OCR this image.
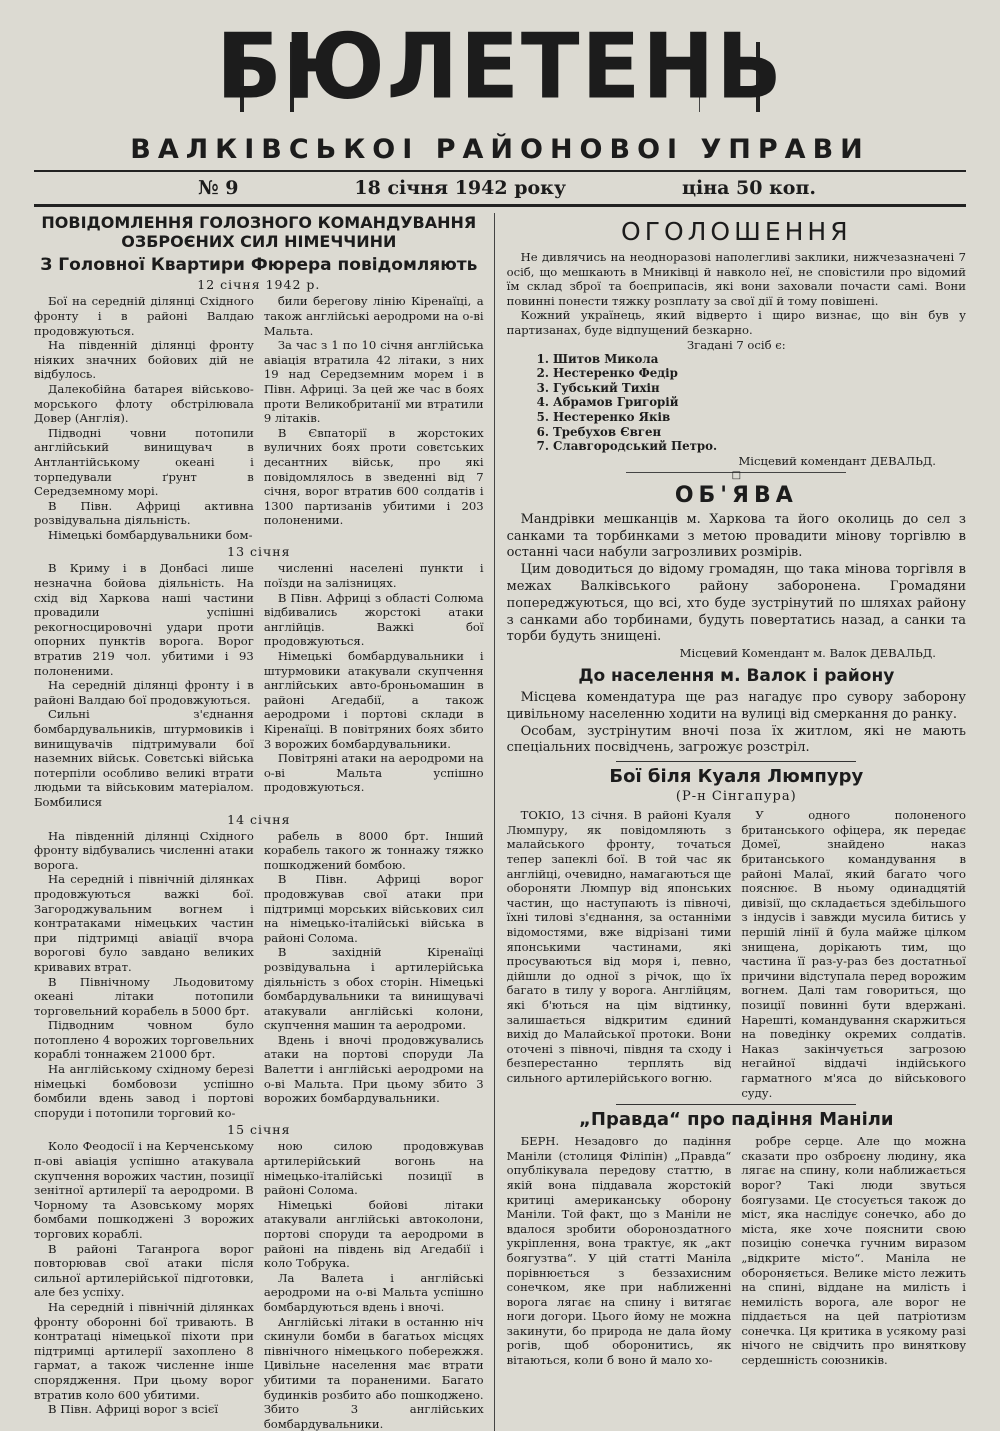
БЮЛЕТЕНЬ
ВАЛКІВСЬКОІ РАЙОНОВОІ УПРАВИ
№ 9	18 січня 1942 року	ціна 50 коп.
ПОВІДОМЛЕННЯ ГОЛОЗНОГО КОМАНДУВАННЯ ОЗБРОЄНИХ СИЛ НІМЕЧЧИНИ
З Головної Квартири Фюрера повідомляють
12 січня 1942 р.

Бої на середній ділянці Східного фронту і в районі Валдаю продовжуються.

На південній ділянці фронту ніяких значних бойових дій не відбулось.

Далекобійна батарея військово-морського флоту обстрілювала Довер (Англія).

Підводні човни потопили англійський винищувач в Антлантійському океані і торпедували ґрунт в Середземному морі.

В Півн. Африці активна розвідувальна діяльність.

Німецькі бомбардувальники бом-

били берегову лінію Кіренаїці, а також англійські аеродроми на о-ві Мальта.

За час з 1 по 10 січня англійська авіація втратила 42 літаки, з них 19 над Середземним морем і в Півн. Африці. За цей же час в боях проти Великобританії ми втратили 9 літаків.

В Євпаторії в жорстоких вуличних боях проти совєтських десантних військ, про які повідомлялось в зведенні від 7 січня, ворог втратив 600 солдатів і 1300 партизанів убитими і 203 полоненими.

13 січня

В Криму і в Донбасі лише незначна бойова діяльність. На схід від Харкова наші частини провадили успішні рекогносцировочні удари проти опорних пунктів ворога. Ворог втратив 219 чол. убитими і 93 полоненими.

На середній ділянці фронту і в районі Валдаю бої продовжуються.

Сильні з'єднання бомбардувальників, штурмовиків і винищувачів підтримували бої наземних військ. Совєтські війська потерпіли особливо великі втрати людьми та військовим матеріалом. Бомбилися

численні населені пункти і поїзди на залізницях.

В Півн. Африці з області Солюма відбивались жорстокі атаки англійців. Важкі бої продовжуються.

Німецькі бомбардувальники і штурмовики атакували скупчення англійських авто-броньомашин в районі Агедабії, а також аеродроми і портові склади в Кіренаїці. В повітряних боях збито 3 ворожих бомбардувальники.

Повітряні атаки на аеродроми на о-ві Мальта успішно продовжуються.

14 січня

На південній ділянці Східного фронту відбувались численні атаки ворога.

На середній і північній ділянках продовжуються важкі бої. Загороджувальним вогнем і контратаками німецьких частин при підтримці авіації вчора ворогові було завдано великих кривавих втрат.

В Північному Льодовитому океані літаки потопили торговельний корабель в 5000 брт.

Підводним човном було потоплено 4 ворожих торговельних кораблі тоннажем 21000 брт.

На англійському східному березі німецькі бомбовози успішно бомбили вдень завод і портові споруди і потопили торговий ко-

рабель в 8000 брт. Інший корабель такого ж тоннажу тяжко пошкоджений бомбою.

В Півн. Африці ворог продовжував свої атаки при підтримці морських військових сил на німецько-італійські війська в районі Солома.

В західній Кіренаїці розвідувальна і артилерійська діяльність з обох сторін. Німецькі бомбардувальники та винищувачі атакували англійські колони, скупчення машин та аеродроми.

Вдень і вночі продовжувались атаки на портові споруди Ла Валетти і англійські аеродроми на о-ві Мальта. При цьому збито 3 ворожих бомбардувальники.

15 січня

Коло Феодосії і на Керченському п-ові авіація успішно атакувала скупчення ворожих частин, позиції зенітної артилерії та аеродроми. В Чорному та Азовському морях бомбами пошкоджені 3 ворожих торгових кораблі.

В районі Таганрога ворог повторював свої атаки після сильної артилерійської підготовки, але без успіху.

На середній і північній ділянках фронту оборонні бої тривають. В контратаці німецької піхоти при підтримці артилерії захоплено 8 гармат, а також численне інше спорядження. При цьому ворог втратив коло 600 убитими.

В Півн. Африці ворог з всієї

ною силою продовжував артилерійський вогонь на німецько-італійські позиції в районі Солома.

Німецькі бойові літаки атакували англійські автоколони, портові споруди та аеродроми в районі на південь від Агедабії і коло Тобрука.

Ла Валета і англійські аеродроми на о-ві Мальта успішно бомбардуються вдень і вночі.

Англійські літаки в останню ніч скинули бомби в багатьох місцях північного німецького побережжя. Цивільне населення має втрати убитими та пораненими. Багато будинків розбито або пошкоджено. Збито 3 англійських бомбардувальники.

ОГОЛОШЕННЯ

Не дивлячись на неодноразові наполегливі заклики, нижчезазначені 7 осіб, що мешкають в Мниківці й навколо неї, не сповістили про відомий їм склад зброї та боєприпасів, які вони заховали почасти самі. Вони повинні понести тяжку розплату за свої дії й тому повішені.

Кожний українець, який відверто і щиро визнає, що він був у партизанах, буде відпущений безкарно.

Згадані 7 осіб є:
1. Шитов Микола
2. Нестеренко Федір
3. Губський Тихін
4. Абрамов Григорій
5. Нестеренко Яків
6. Требухов Євген
7. Славгородський Петро.
Місцевий комендант ДЕВАЛЬД.
□
ОБ'ЯВА

Мандрівки мешканців м. Харкова та його околиць до сел з санками та торбинками з метою провадити мінову торгівлю в останні часи набули загрозливих розмірів.

Цим доводиться до відому громадян, що така мінова торгівля в межах Валківського району заборонена. Громадяни попереджуються, що всі, хто буде зустрінутий по шляхах району з санками або торбинами, будуть повертатись назад, а санки та торби будуть знищені.

Місцевий Комендант м. Валок ДЕВАЛЬД.
До населення м. Валок і району

Місцева комендатура ще раз нагадує про сувору заборону цивільному населенню ходити на вулиці від смеркання до ранку.

Особам, зустрінутим вночі поза їх житлом, які не мають спеціальних посвідчень, загрожує розстріл.

Бої біля Куаля Люмпуру
(Р-н Сінгапура)

ТОКІО, 13 січня. В районі Куаля Люмпуру, як повідомляють з малайського фронту, точаться тепер запеклі бої. В той час як англійці, очевидно, намагаються ще обороняти Люмпур від японських частин, що наступають із півночі, їхні тилові з'єднання, за останніми відомостями, вже відрізані тими японськими частинами, які просуваються від моря і, певно, дійшли до одної з річок, що їх багато в тилу у ворога. Англійцям, які б'ються на цім відтинку, залишається відкритим єдиний вихід до Малайської протоки. Вони оточені з півночі, півдня та сходу і безперестанно терплять від сильного артилерійського вогню.

У одного полоненого британського офіцера, як передає Домеї, знайдено наказ британського командування в районі Малаї, який багато чого пояснює. В ньому одинадцятій дивізії, що складається здебільшого з індусів і завжди мусила битись у першій лінії й була майже цілком знищена, дорікають тим, що частина її раз-у-раз без достатньої причини відступала перед ворожим вогнем. Далі там говориться, що позиції повинні бути вдержані. Нарешті, командування скаржиться на поведінку окремих солдатів. Наказ закінчується загрозою негайної віддачі індійського гарматного м'яса до військового суду.

„Правда“ про падіння Маніли

БЕРН. Незадовго до падіння Маніли (столиця Філіпін) „Правда“ опублікувала передову статтю, в якій вона піддавала жорстокій критиці американську оборону Маніли. Той факт, що з Маніли не вдалося зробити обороноздатного укріплення, вона трактує, як „акт боягузтва“. У цій статті Маніла порівнюється з беззахисним сонечком, яке при наближенні ворога лягає на спину і витягає ноги догори. Цього йому не можна закинути, бо природа не дала йому рогів, щоб оборонитись, як вітаються, коли б воно й мало хо-

робре серце. Але що можна сказати про озброєну людину, яка лягає на спину, коли наближається ворог? Такі люди звуться боягузами. Це стосується також до міст, яка наслідує сонечко, або до міста, яке хоче пояснити свою позицію сонечка гучним виразом „відкрите місто“. Маніла не обороняється. Велике місто лежить на спині, віддане на милість і немилість ворога, але ворог не піддається на цей патріотизм сонечка. Ця критика в усякому разі нічого не свідчить про винятковy сердешність союзників.
